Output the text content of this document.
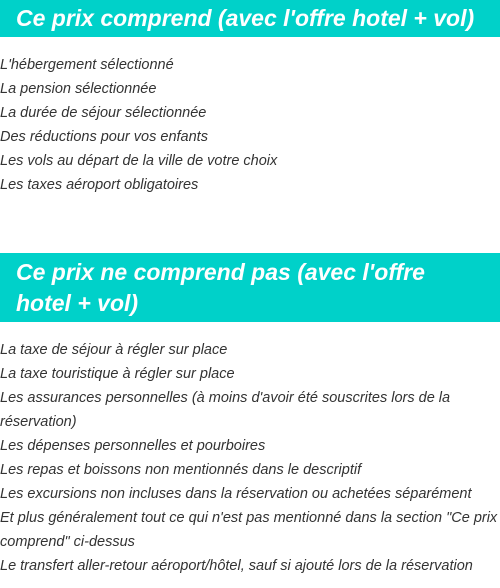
Ce prix comprend (avec l'offre hotel + vol)
L'hébergement sélectionné
La pension sélectionnée
La durée de séjour sélectionnée
Des réductions pour vos enfants
Les vols au départ de la ville de votre choix
Les taxes aéroport obligatoires
Ce prix ne comprend pas (avec l'offre hotel + vol)
La taxe de séjour à régler sur place
La taxe touristique à régler sur place
Les assurances personnelles (à moins d'avoir été souscrites lors de la réservation)
Les dépenses personnelles et pourboires
Les repas et boissons non mentionnés dans le descriptif
Les excursions non incluses dans la réservation ou achetées séparément
Et plus généralement tout ce qui n'est pas mentionné dans la section "Ce prix comprend" ci-dessus
Le transfert aller-retour aéroport/hôtel, sauf si ajouté lors de la réservation
